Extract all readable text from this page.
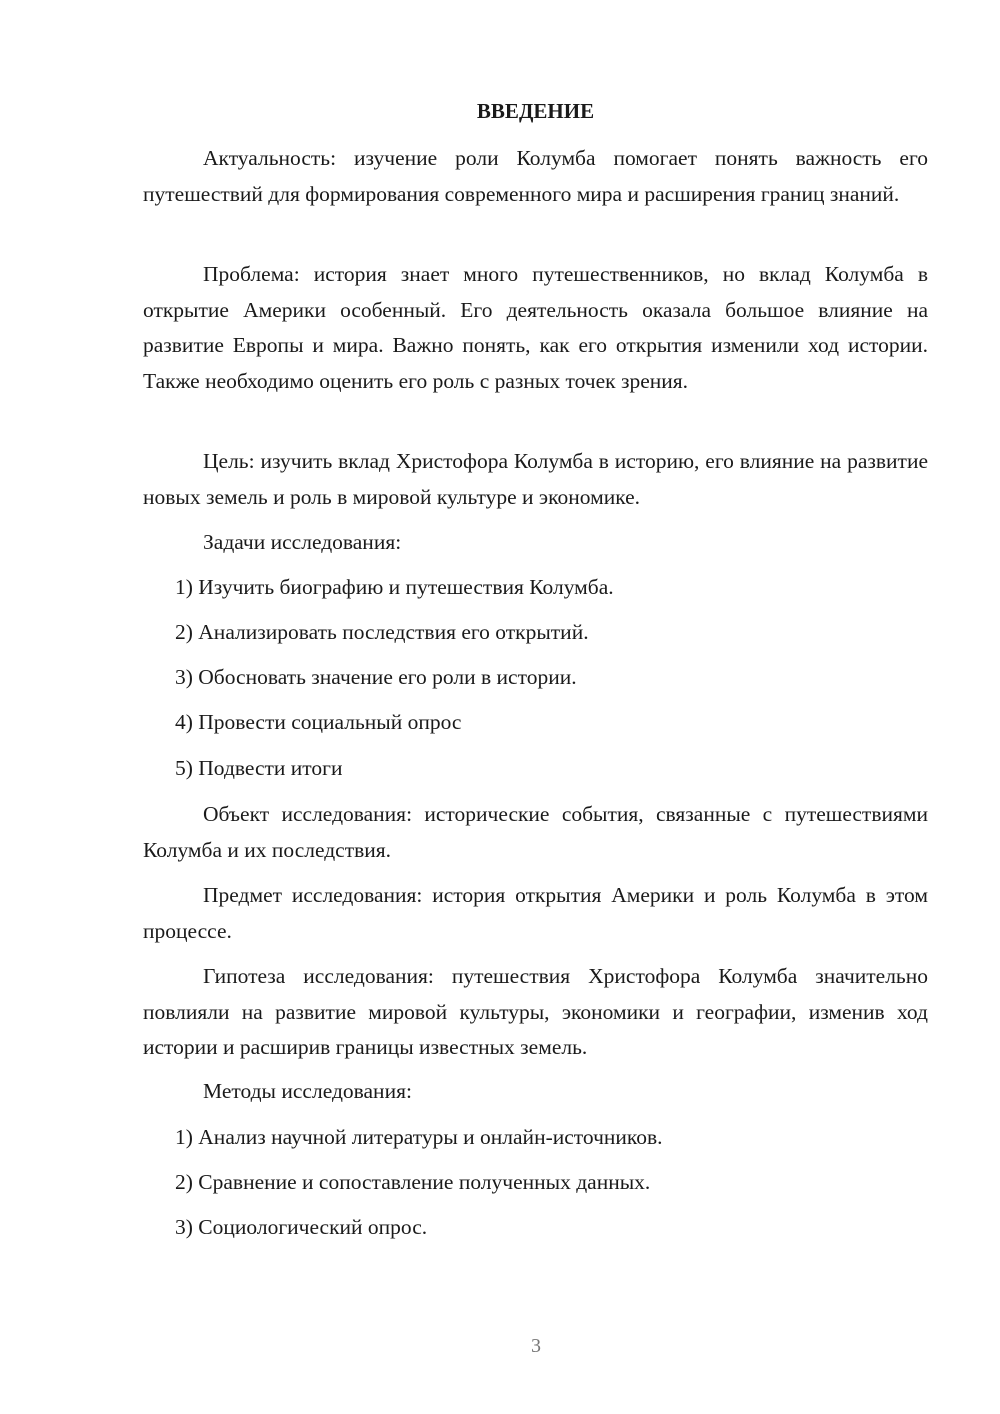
ВВЕДЕНИЕ

Актуальность: изучение роли Колумба помогает понять важность его путешествий для формирования современного мира и расширения границ знаний.

Проблема: история знает много путешественников, но вклад Колумба в открытие Америки особенный. Его деятельность оказала большое влияние на развитие Европы и мира. Важно понять, как его открытия изменили ход истории. Также необходимо оценить его роль с разных точек зрения.

Цель: изучить вклад Христофора Колумба в историю, его влияние на развитие новых земель и роль в мировой культуре и экономике.

Задачи исследования:

1) Изучить биографию и путешествия Колумба.

2) Анализировать последствия его открытий.

3) Обосновать значение его роли в истории.

4) Провести социальный опрос

5) Подвести итоги

Объект исследования: исторические события, связанные с путешествиями Колумба и их последствия.

Предмет исследования: история открытия Америки и роль Колумба в этом процессе.

Гипотеза исследования: путешествия Христофора Колумба значительно повлияли на развитие мировой культуры, экономики и географии, изменив ход истории и расширив границы известных земель.

Методы исследования:

1) Анализ научной литературы и онлайн-источников.

2) Сравнение и сопоставление полученных данных.

3) Социологический опрос.

3
